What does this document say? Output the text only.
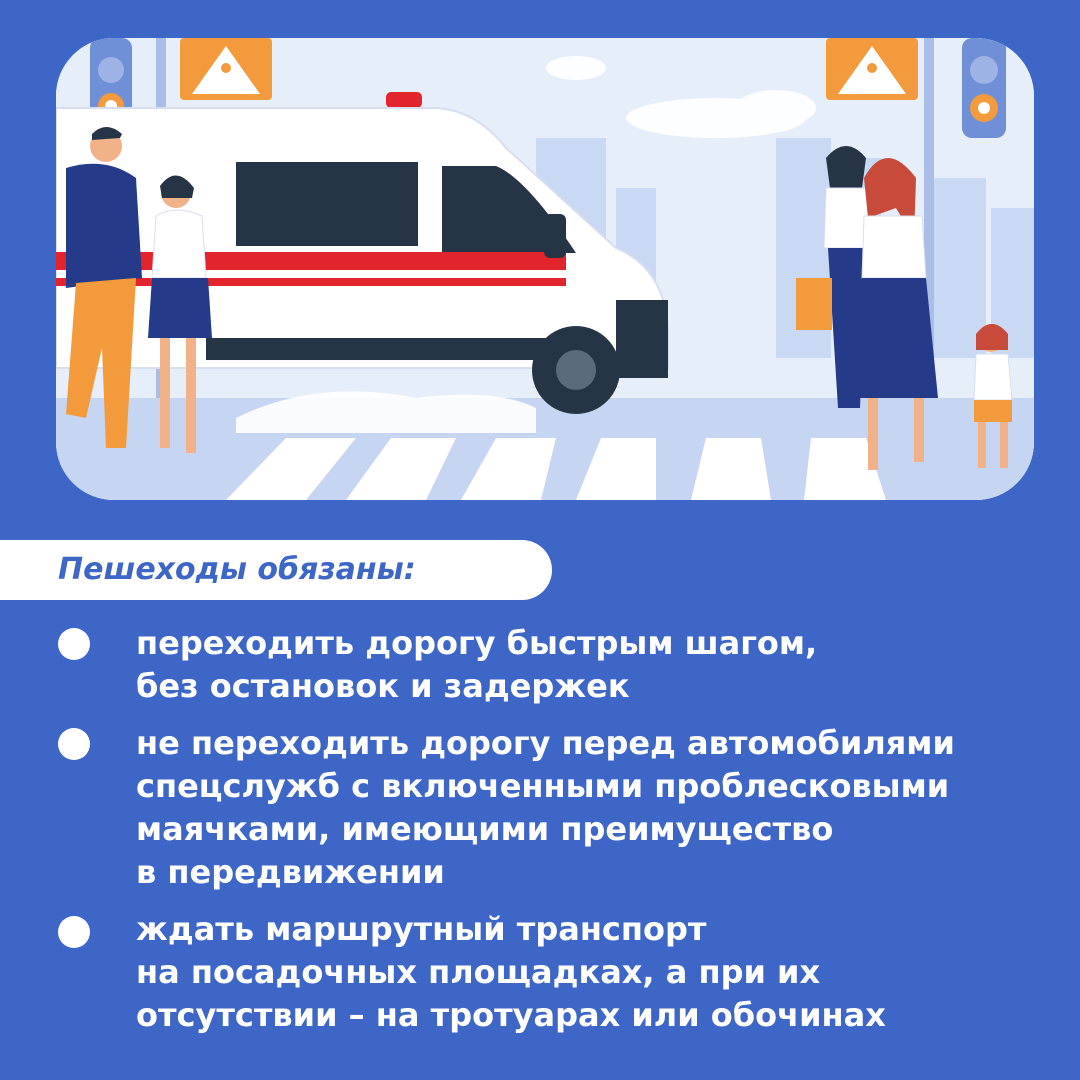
Пешеходы обязаны:
переходить дорогу быстрым шагом,
без остановок и задержек
не переходить дорогу перед автомобилями
спецслужб с включенными проблесковыми
маячками, имеющими преимущество
в передвижении
ждать маршрутный транспорт
на посадочных площадках, а при их
отсутствии – на тротуарах или обочинах
